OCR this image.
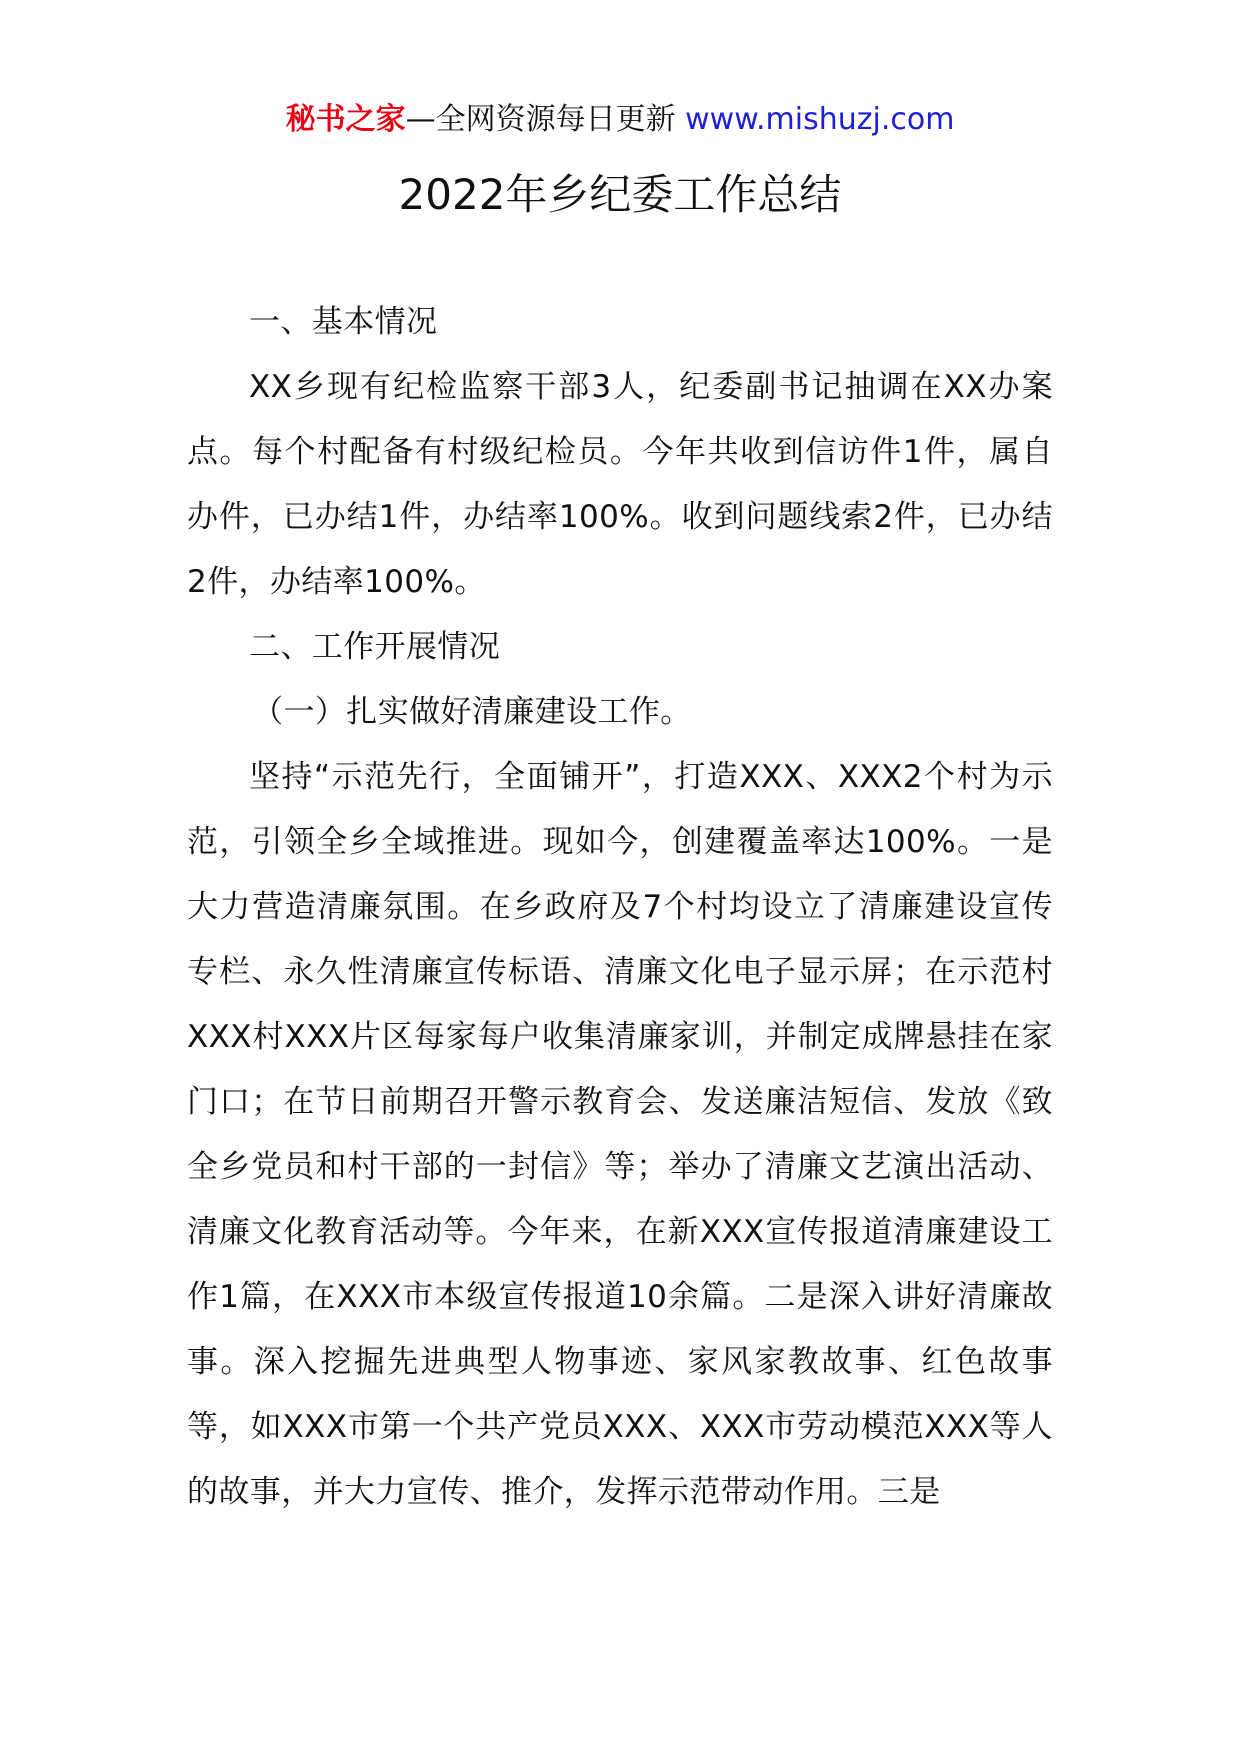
秘书之家—全网资源每日更新 www.mishuzj.com
2022年乡纪委工作总结

一、基本情况

XX乡现有纪检监察干部3人，纪委副书记抽调在XX办案点。每个村配备有村级纪检员。今年共收到信访件1件，属自办件，已办结1件，办结率100%。收到问题线索2件，已办结2件，办结率100%。

二、工作开展情况

（一）扎实做好清廉建设工作。

坚持“示范先行，全面铺开”，打造XXX、XXX2个村为示范，引领全乡全域推进。现如今，创建覆盖率达100%。一是大力营造清廉氛围。在乡政府及7个村均设立了清廉建设宣传专栏、永久性清廉宣传标语、清廉文化电子显示屏；在示范村XXX村XXX片区每家每户收集清廉家训，并制定成牌悬挂在家门口；在节日前期召开警示教育会、发送廉洁短信、发放《致全乡党员和村干部的一封信》等；举办了清廉文艺演出活动、清廉文化教育活动等。今年来，在新XXX宣传报道清廉建设工作1篇，在XXX市本级宣传报道10余篇。二是深入讲好清廉故事。深入挖掘先进典型人物事迹、家风家教故事、红色故事等，如XXX市第一个共产党员XXX、XXX市劳动模范XXX等人的故事，并大力宣传、推介，发挥示范带动作用。三是
